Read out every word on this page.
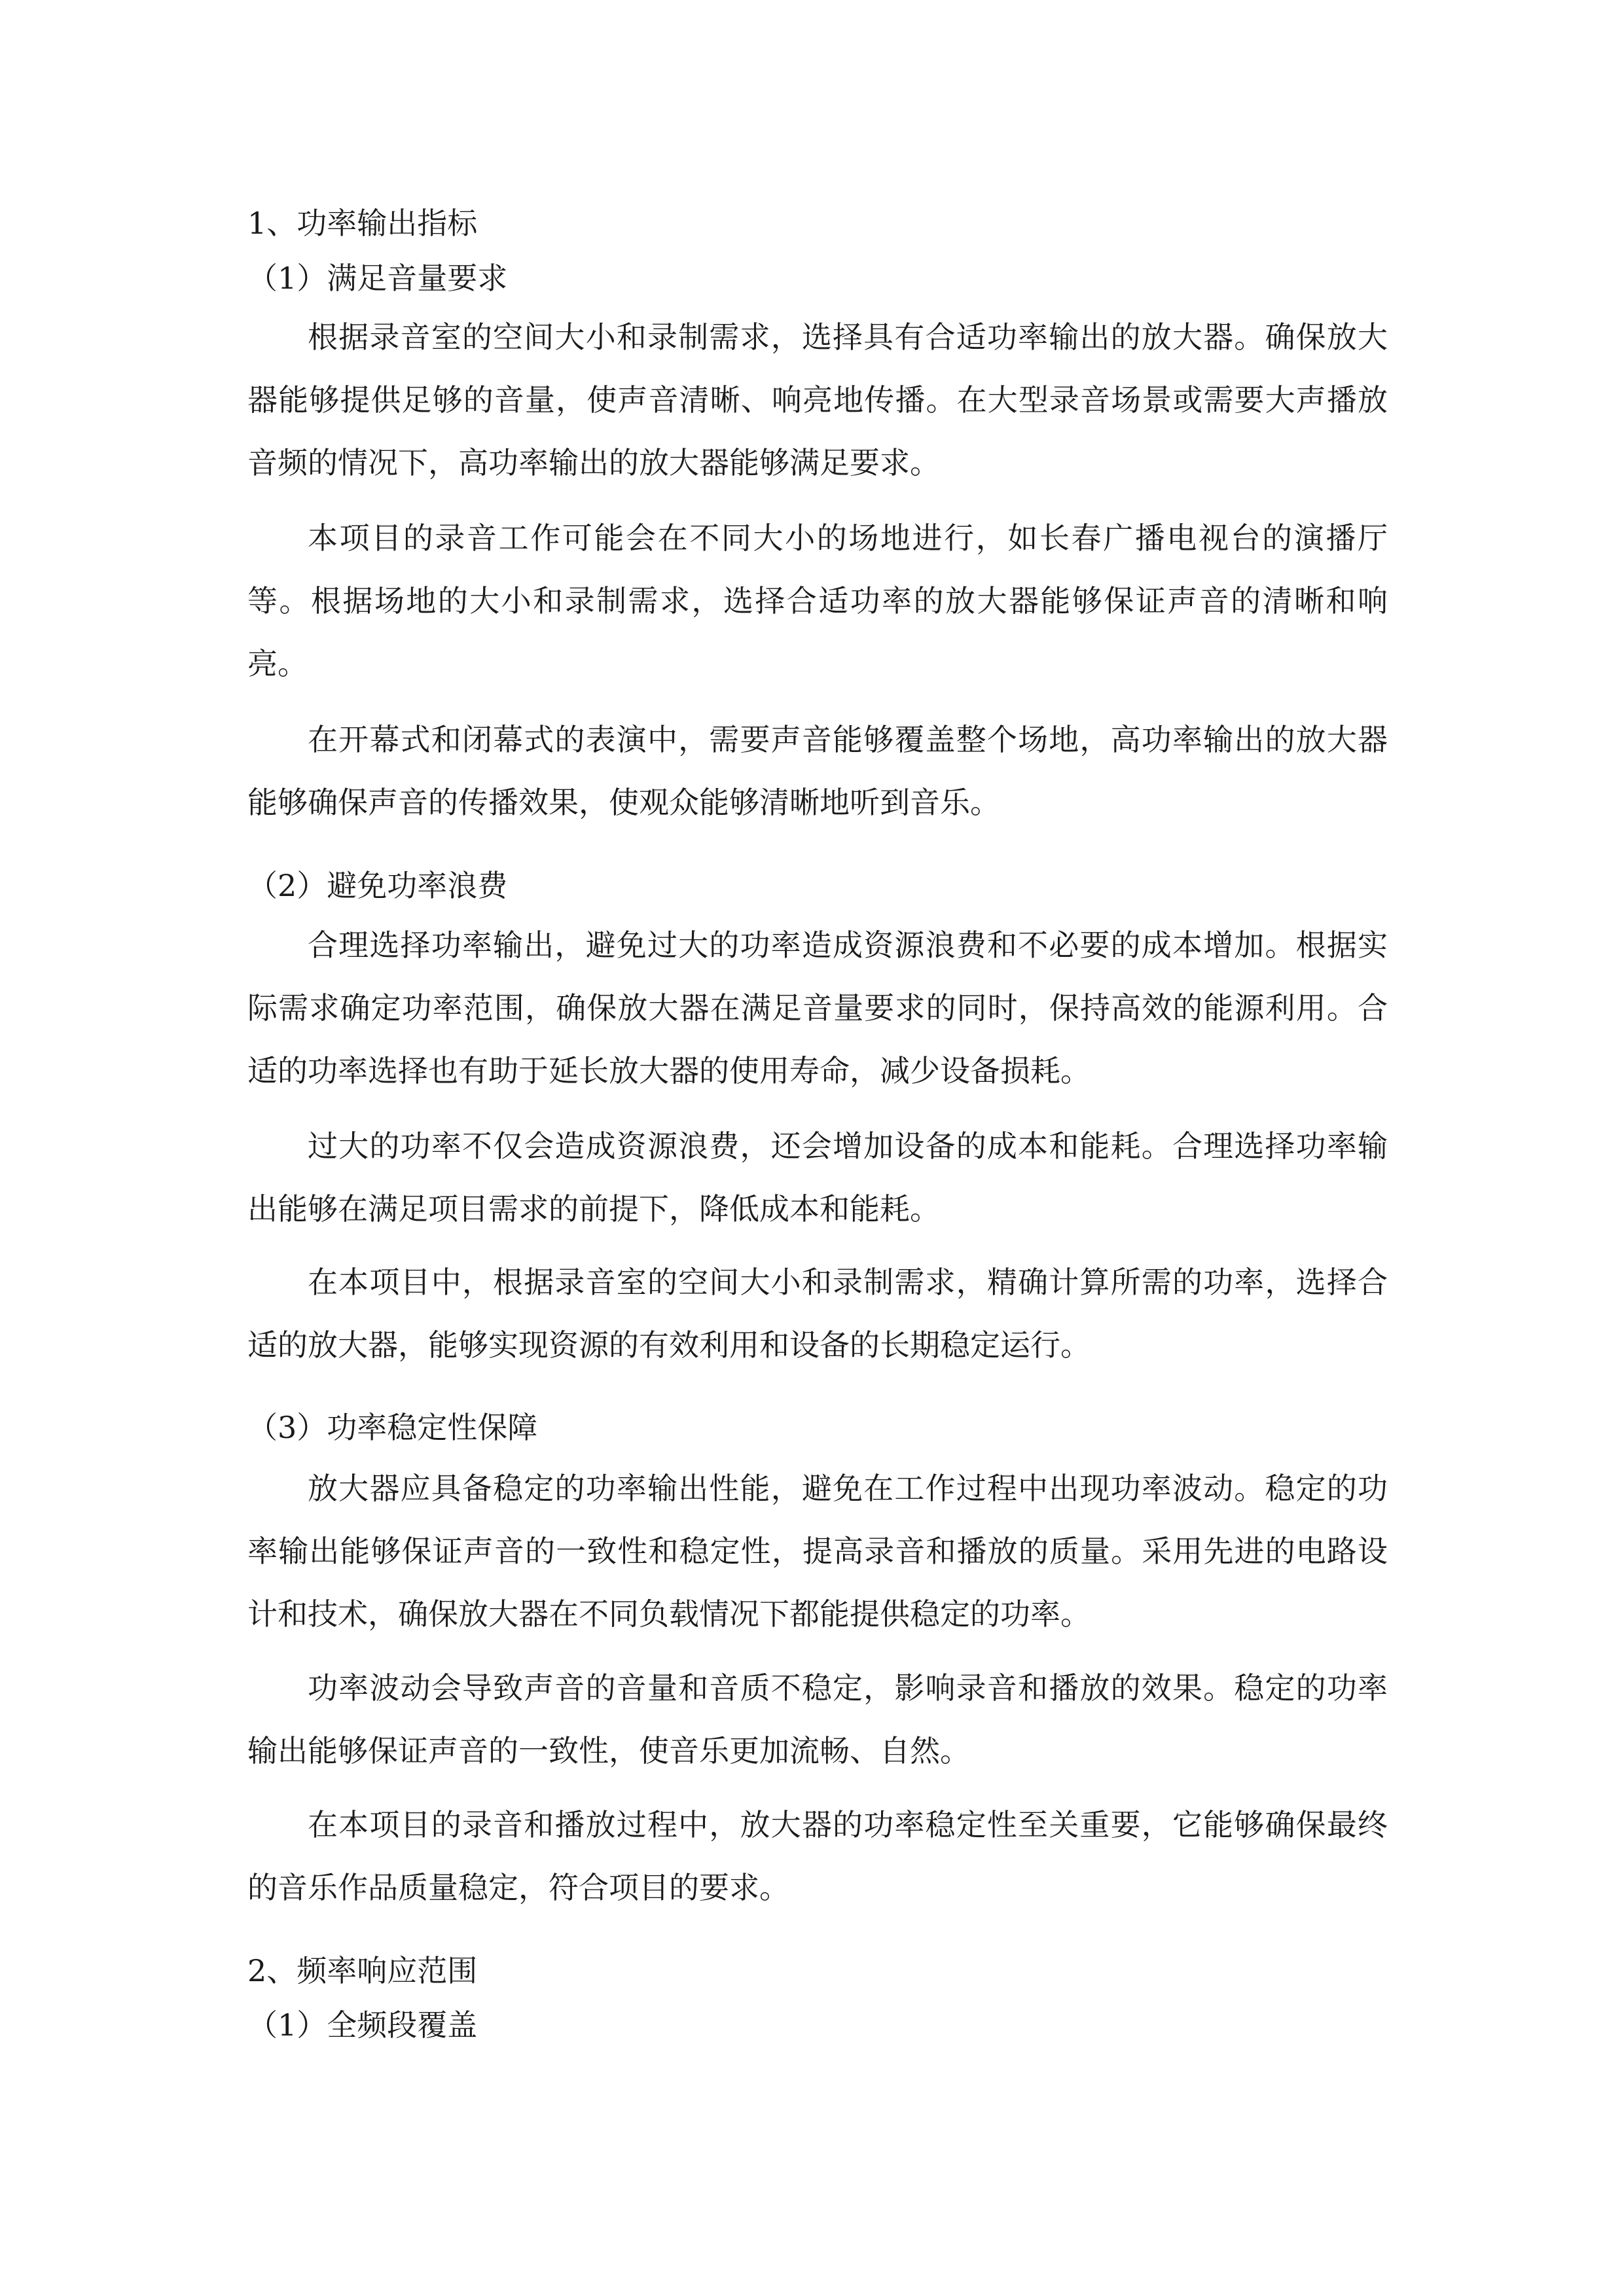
1、功率输出指标
（1）满足音量要求

根据录音室的空间大小和录制需求，选择具有合适功率输出的放大器。确保放大器能够提供足够的音量，使声音清晰、响亮地传播。在大型录音场景或需要大声播放音频的情况下，高功率输出的放大器能够满足要求。

本项目的录音工作可能会在不同大小的场地进行，如长春广播电视台的演播厅等。根据场地的大小和录制需求，选择合适功率的放大器能够保证声音的清晰和响亮。

在开幕式和闭幕式的表演中，需要声音能够覆盖整个场地，高功率输出的放大器能够确保声音的传播效果，使观众能够清晰地听到音乐。

（2）避免功率浪费

合理选择功率输出，避免过大的功率造成资源浪费和不必要的成本增加。根据实际需求确定功率范围，确保放大器在满足音量要求的同时，保持高效的能源利用。合适的功率选择也有助于延长放大器的使用寿命，减少设备损耗。

过大的功率不仅会造成资源浪费，还会增加设备的成本和能耗。合理选择功率输出能够在满足项目需求的前提下，降低成本和能耗。

在本项目中，根据录音室的空间大小和录制需求，精确计算所需的功率，选择合适的放大器，能够实现资源的有效利用和设备的长期稳定运行。

（3）功率稳定性保障

放大器应具备稳定的功率输出性能，避免在工作过程中出现功率波动。稳定的功率输出能够保证声音的一致性和稳定性，提高录音和播放的质量。采用先进的电路设计和技术，确保放大器在不同负载情况下都能提供稳定的功率。

功率波动会导致声音的音量和音质不稳定，影响录音和播放的效果。稳定的功率输出能够保证声音的一致性，使音乐更加流畅、自然。

在本项目的录音和播放过程中，放大器的功率稳定性至关重要，它能够确保最终的音乐作品质量稳定，符合项目的要求。

2、频率响应范围
（1）全频段覆盖
